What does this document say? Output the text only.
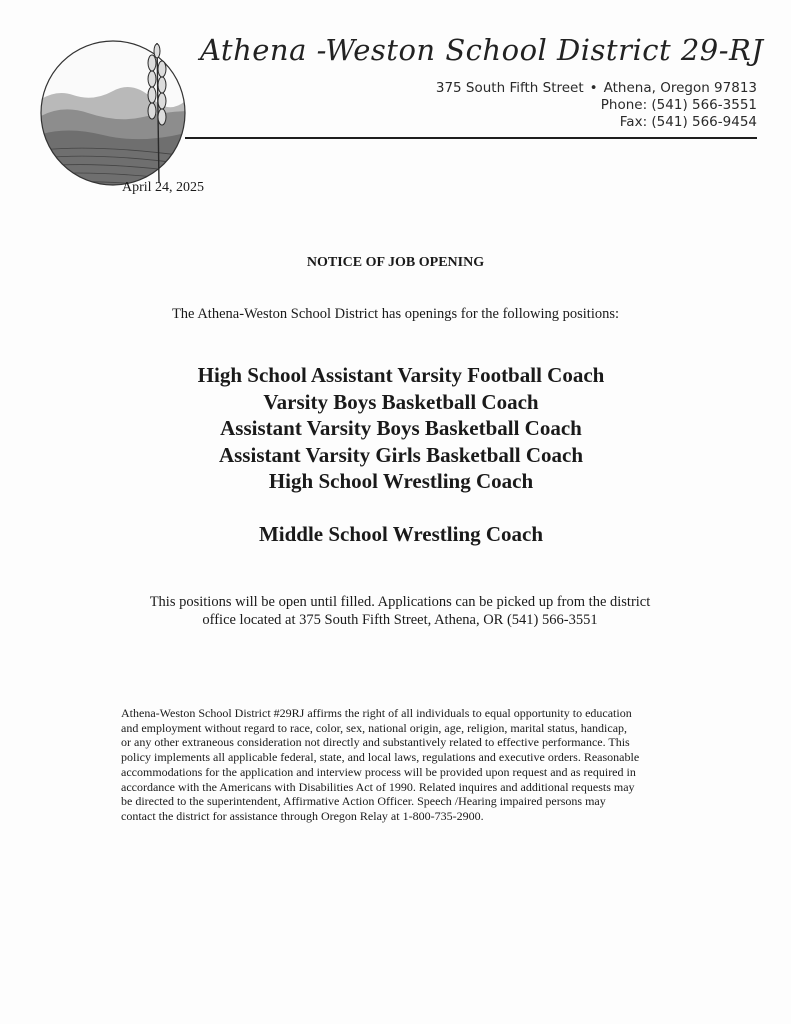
Athena -Weston School District 29-RJ
375 South Fifth Street • Athena, Oregon 97813
Phone: (541) 566-3551
Fax: (541) 566-9454
April 24, 2025
NOTICE OF JOB OPENING
The Athena-Weston School District has openings for the following positions:
High School Assistant Varsity Football Coach
Varsity Boys Basketball Coach
Assistant Varsity Boys Basketball Coach
Assistant Varsity Girls Basketball Coach
High School Wrestling Coach
Middle School Wrestling Coach
This positions will be open until filled. Applications can be picked up from the district
office located at 375 South Fifth Street, Athena, OR (541) 566-3551
Athena-Weston School District #29RJ affirms the right of all individuals to equal opportunity to education
and employment without regard to race, color, sex, national origin, age, religion, marital status, handicap,
or any other extraneous consideration not directly and substantively related to effective performance. This
policy implements all applicable federal, state, and local laws, regulations and executive orders. Reasonable
accommodations for the application and interview process will be provided upon request and as required in
accordance with the Americans with Disabilities Act of 1990. Related inquires and additional requests may
be directed to the superintendent, Affirmative Action Officer. Speech /Hearing impaired persons may
contact the district for assistance through Oregon Relay at 1-800-735-2900.
